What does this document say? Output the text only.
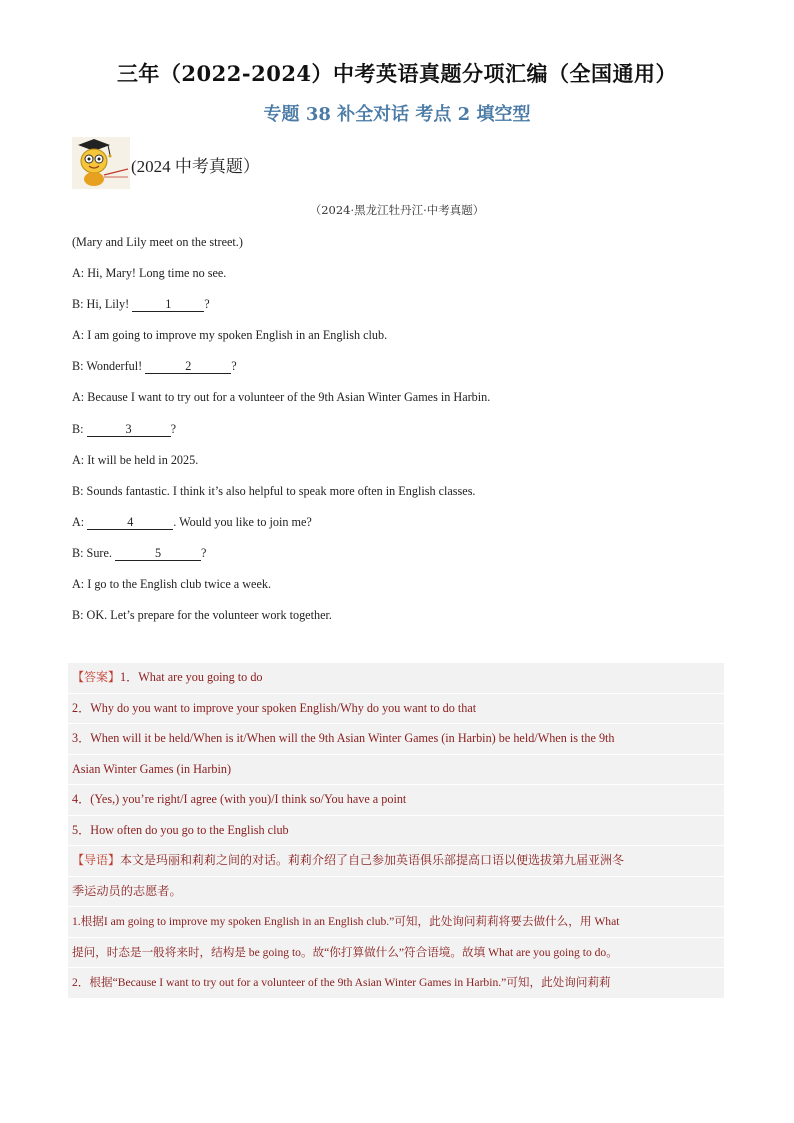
三年（2022-2024）中考英语真题分项汇编（全国通用）
专题 38 补全对话 考点 2 填空型
(2024 中考真题）
（2024·黑龙江牡丹江·中考真题）
(Mary and Lily meet on the street.)
A: Hi, Mary! Long time no see.
B: Hi, Lily!	1	?
A: I am going to improve my spoken English in an English club.
B: Wonderful!	2	?
A: Because I want to try out for a volunteer of the 9th Asian Winter Games in Harbin.
B:	3	?
A: It will be held in 2025.
B: Sounds fantastic. I think it’s also helpful to speak more often in English classes.
A:	4	. Would you like to join me?
B: Sure.	5	?
A: I go to the English club twice a week.
B: OK. Let’s prepare for the volunteer work together.
【答案】1．What are you going to do
2．Why do you want to improve your spoken English/Why do you want to do that
3．When will it be held/When is it/When will the 9th Asian Winter Games (in Harbin) be held/When is the 9th
Asian Winter Games (in Harbin)
4．(Yes,) you’re right/I agree (with you)/I think so/You have a point
5．How often do you go to the English club
【导语】本文是玛丽和莉莉之间的对话。莉莉介绍了自己参加英语俱乐部提高口语以便选拔第九届亚洲冬
季运动员的志愿者。
1.根据I am going to improve my spoken English in an English club.”可知，此处询问莉莉将要去做什么，用 What
提问，时态是一般将来时，结构是 be going to。故“你打算做什么”符合语境。故填 What are you going to do。
2．根据“Because I want to try out for a volunteer of the 9th Asian Winter Games in Harbin.”可知，此处询问莉莉
